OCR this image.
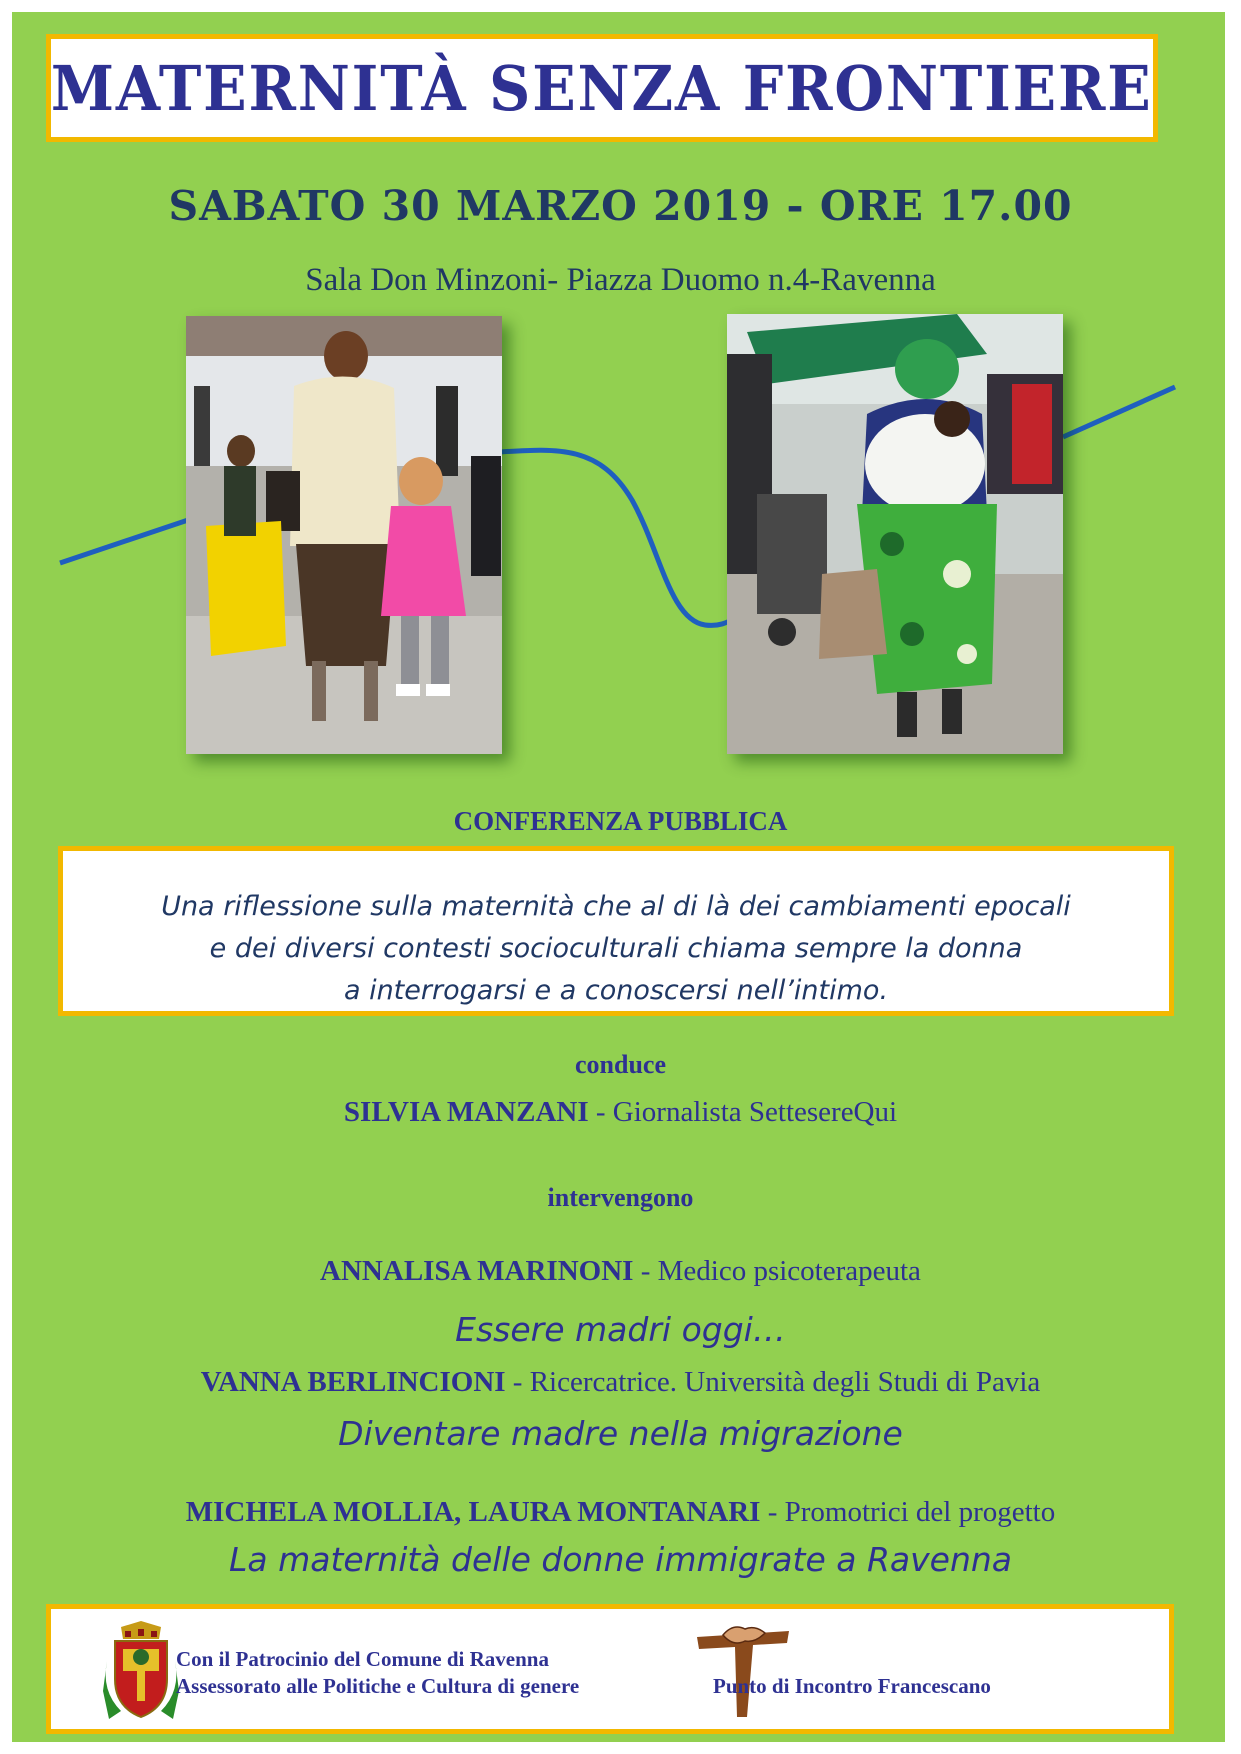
MATERNITÀ SENZA FRONTIERE
SABATO 30 MARZO 2019 - ORE 17.00
Sala Don Minzoni- Piazza Duomo n.4-Ravenna
CONFERENZA PUBBLICA
Una riflessione sulla maternità che al di là dei cambiamenti epocali
e dei diversi contesti socioculturali chiama sempre la donna
a interrogarsi e a conoscersi nell’intimo.
conduce
SILVIA MANZANI - Giornalista SettesereQui
intervengono
ANNALISA MARINONI - Medico psicoterapeuta
Essere madri oggi…
VANNA BERLINCIONI - Ricercatrice. Università degli Studi di Pavia
Diventare madre nella migrazione
MICHELA MOLLIA, LAURA MONTANARI - Promotrici del progetto
La maternità delle donne immigrate a Ravenna
Con il Patrocinio del Comune di Ravenna
Assessorato alle Politiche e Cultura di genere	Punto di Incontro Francescano
